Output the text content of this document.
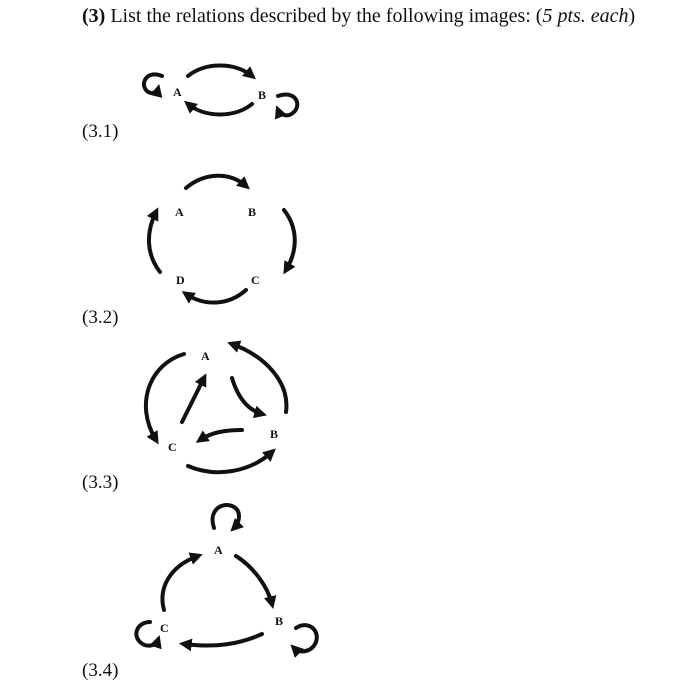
(3) List the relations described by the following images: (5 pts. each)
(3.1)
(3.2)
(3.3)
(3.4)
A	B
A	B
C
D
A
B
C
A
B
C
